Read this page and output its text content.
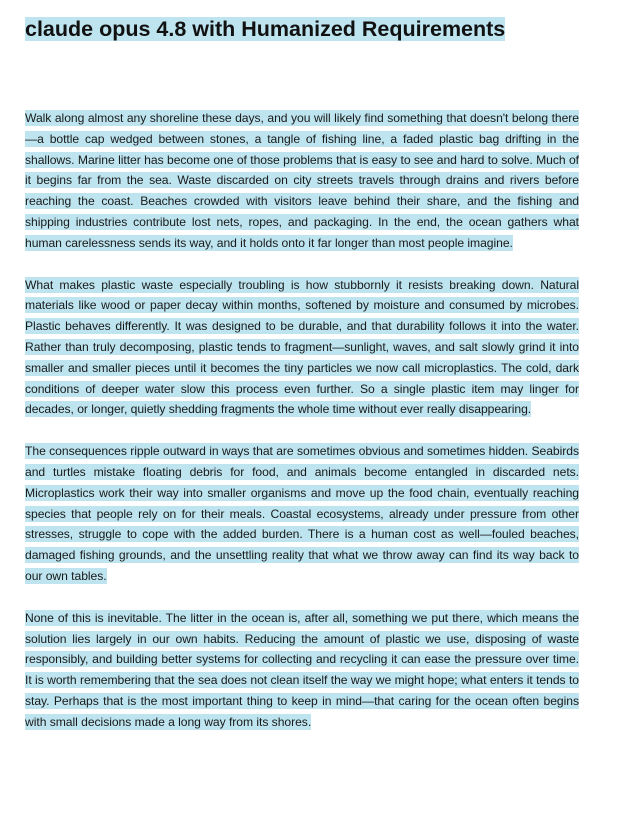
claude opus 4.8 with Humanized Requirements

Walk along almost any shoreline these days, and you will likely find something that doesn't belong there—a bottle cap wedged between stones, a tangle of fishing line, a faded plastic bag drifting in the shallows. Marine litter has become one of those problems that is easy to see and hard to solve. Much of it begins far from the sea. Waste discarded on city streets travels through drains and rivers before reaching the coast. Beaches crowded with visitors leave behind their share, and the fishing and shipping industries contribute lost nets, ropes, and packaging. In the end, the ocean gathers what human carelessness sends its way, and it holds onto it far longer than most people imagine.

What makes plastic waste especially troubling is how stubbornly it resists breaking down. Natural materials like wood or paper decay within months, softened by moisture and consumed by microbes. Plastic behaves differently. It was designed to be durable, and that durability follows it into the water. Rather than truly decomposing, plastic tends to fragment—sunlight, waves, and salt slowly grind it into smaller and smaller pieces until it becomes the tiny particles we now call microplastics. The cold, dark conditions of deeper water slow this process even further. So a single plastic item may linger for decades, or longer, quietly shedding fragments the whole time without ever really disappearing.

The consequences ripple outward in ways that are sometimes obvious and sometimes hidden. Seabirds and turtles mistake floating debris for food, and animals become entangled in discarded nets. Microplastics work their way into smaller organisms and move up the food chain, eventually reaching species that people rely on for their meals. Coastal ecosystems, already under pressure from other stresses, struggle to cope with the added burden. There is a human cost as well—fouled beaches, damaged fishing grounds, and the unsettling reality that what we throw away can find its way back to our own tables.

None of this is inevitable. The litter in the ocean is, after all, something we put there, which means the solution lies largely in our own habits. Reducing the amount of plastic we use, disposing of waste responsibly, and building better systems for collecting and recycling it can ease the pressure over time. It is worth remembering that the sea does not clean itself the way we might hope; what enters it tends to stay. Perhaps that is the most important thing to keep in mind—that caring for the ocean often begins with small decisions made a long way from its shores.
